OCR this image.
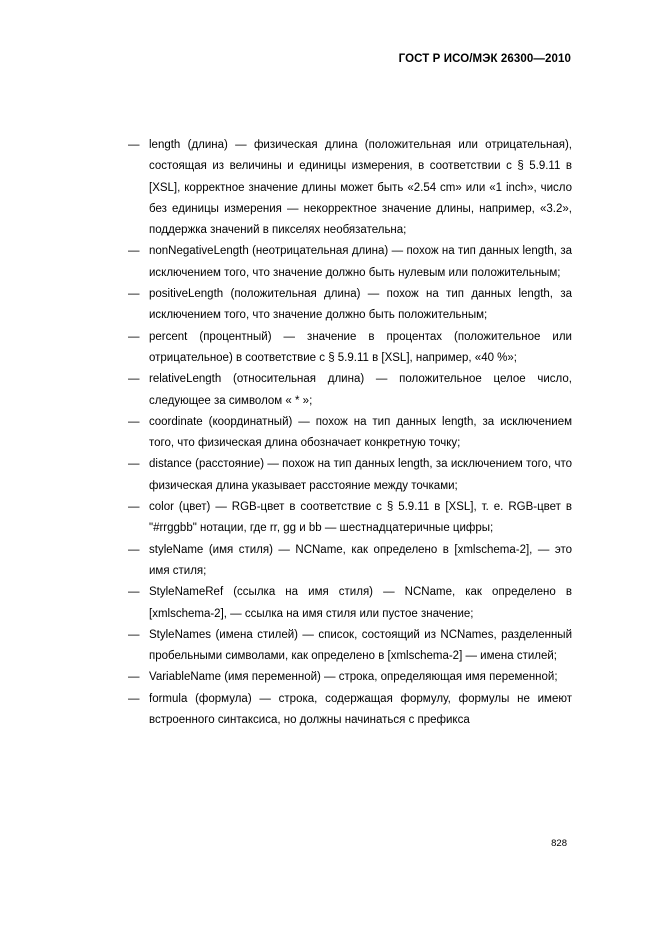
ГОСТ Р ИСО/МЭК 26300—2010

— length (длина) — физическая длина (положительная или отрицательная), состоящая из величины и единицы измерения, в соответствии с § 5.9.11 в [XSL], корректное значение длины может быть «2.54 cm» или «1 inch», число без единицы измерения — некорректное значение длины, например, «3.2», поддержка значений в пикселях необязательна;

— nonNegativeLength (неотрицательная длина) — похож на тип данных length, за исключением того, что значение должно быть нулевым или положительным;

— positiveLength (положительная длина) — похож на тип данных length, за исключением того, что значение должно быть положительным;

— percent (процентный) — значение в процентах (положительное или отрицательное) в соответствие с § 5.9.11 в [XSL], например, «40 %»;

— relativeLength (относительная длина) — положительное целое число, следующее за символом « * »;

— coordinate (координатный) — похож на тип данных length, за исключением того, что физическая длина обозначает конкретную точку;

— distance (расстояние) — похож на тип данных length, за исключением того, что физическая длина указывает расстояние между точками;

— color (цвет) — RGB-цвет в соответствие с § 5.9.11 в [XSL], т. е. RGB-цвет в "#rrggbb" нотации, где rr, gg и bb — шестнадцатеричные цифры;

— styleName (имя стиля) — NCName, как определено в [xmlschema-2], — это имя стиля;

— StyleNameRef (ссылка на имя стиля) — NCName, как определено в [xmlschema-2], — ссылка на имя стиля или пустое значение;

— StyleNames (имена стилей) — список, состоящий из NCNames, разделенный пробельными символами, как определено в [xmlschema-2] — имена стилей;

— VariableName (имя переменной) — строка, определяющая имя переменной;

— formula (формула) — строка, содержащая формулу, формулы не имеют встроенного синтаксиса, но должны начинаться с префикса

828
